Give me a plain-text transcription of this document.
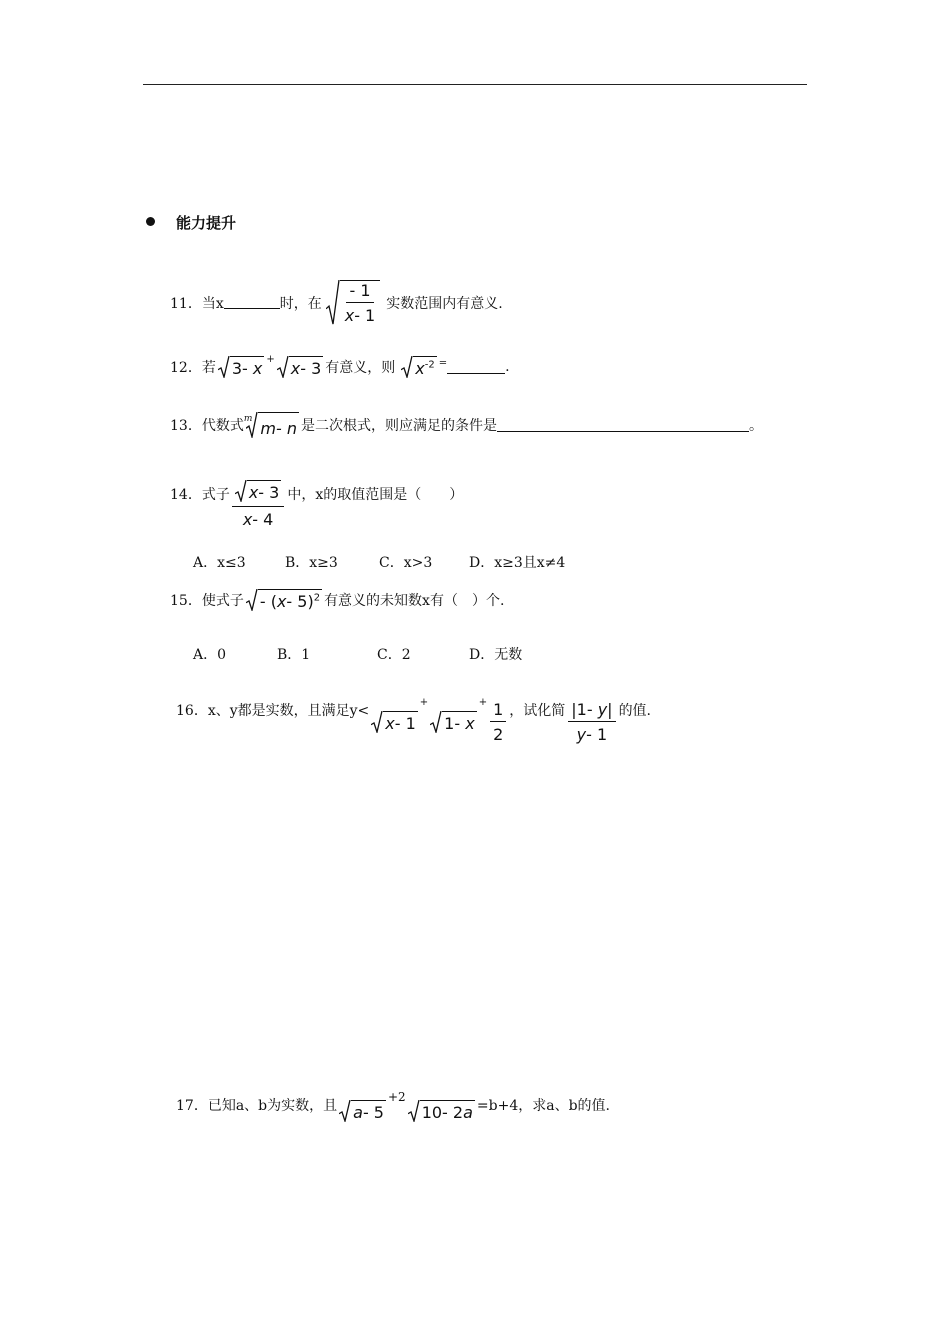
能力提升
11．当x	时，在 $\frac{- 1}{x- 1}$ 实数范围内有意义.
12．若 3- x + x- 3 有意义，则 $x^{-2}$ =	.
13．代数式 m m- n 是二次根式，则应满足的条件是	。
14．式子 $\frac{x- 3}{x- 4}$ 中，x的取值范围是（　　）
A．x≤3	B．x≥3	C．x>3	D．x≥3且x≠4
15．使式子 - (x- 5)$^2$ 有意义的未知数x有（　）个.
A．0	B．1	C．2	D．无数
16．x、y都是实数，且满足y<
x- 1
+
1- x
+ $\frac{1}{2}$ ，试化简 $\frac{|1- y|}{y- 1}$ 的值.
17．已知a、b为实数，且 a- 5
+2
10- 2a =b+4，求a、b的值.
